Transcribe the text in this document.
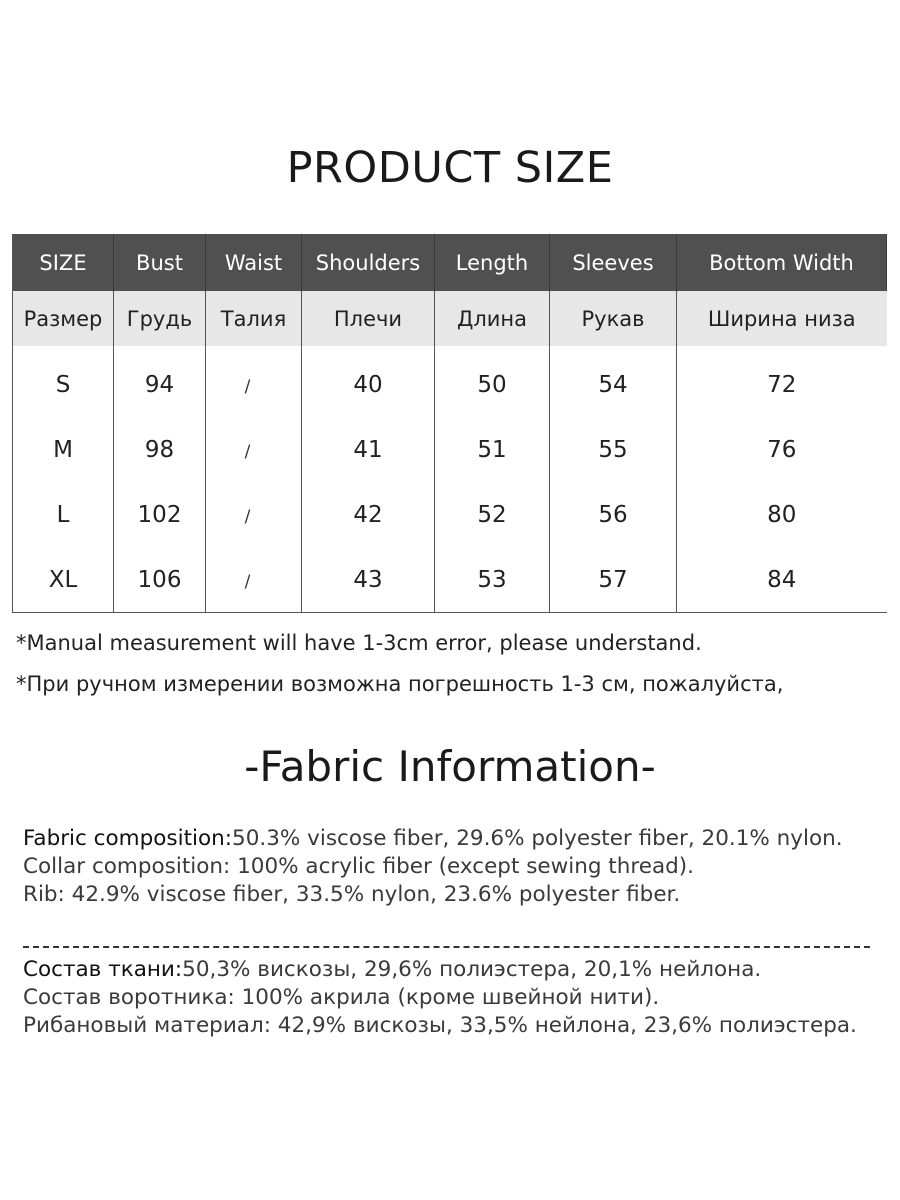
PRODUCT SIZE
SIZE	Bust	Waist	Shoulders	Length	Sleeves	Bottom Width
Размер	Грудь	Талия	Плечи	Длина	Рукав	Ширина низа
S	94	/	40	50	54	72
M	98	/	41	51	55	76
L	102	/	42	52	56	80
XL	106	/	43	53	57	84
*Manual measurement will have 1-3cm error, please understand.
*При ручном измерении возможна погрешность 1-3 см, пожалуйста,
-Fabric Information-

Fabric composition:50.3% viscose fiber, 29.6% polyester fiber, 20.1% nylon.

Collar composition: 100% acrylic fiber (except sewing thread).

Rib: 42.9% viscose fiber, 33.5% nylon, 23.6% polyester fiber.

Состав ткани:50,3% вискозы, 29,6% полиэстера, 20,1% нейлона.

Состав воротника: 100% акрила (кроме швейной нити).

Рибановый материал: 42,9% вискозы, 33,5% нейлона, 23,6% полиэстера.
